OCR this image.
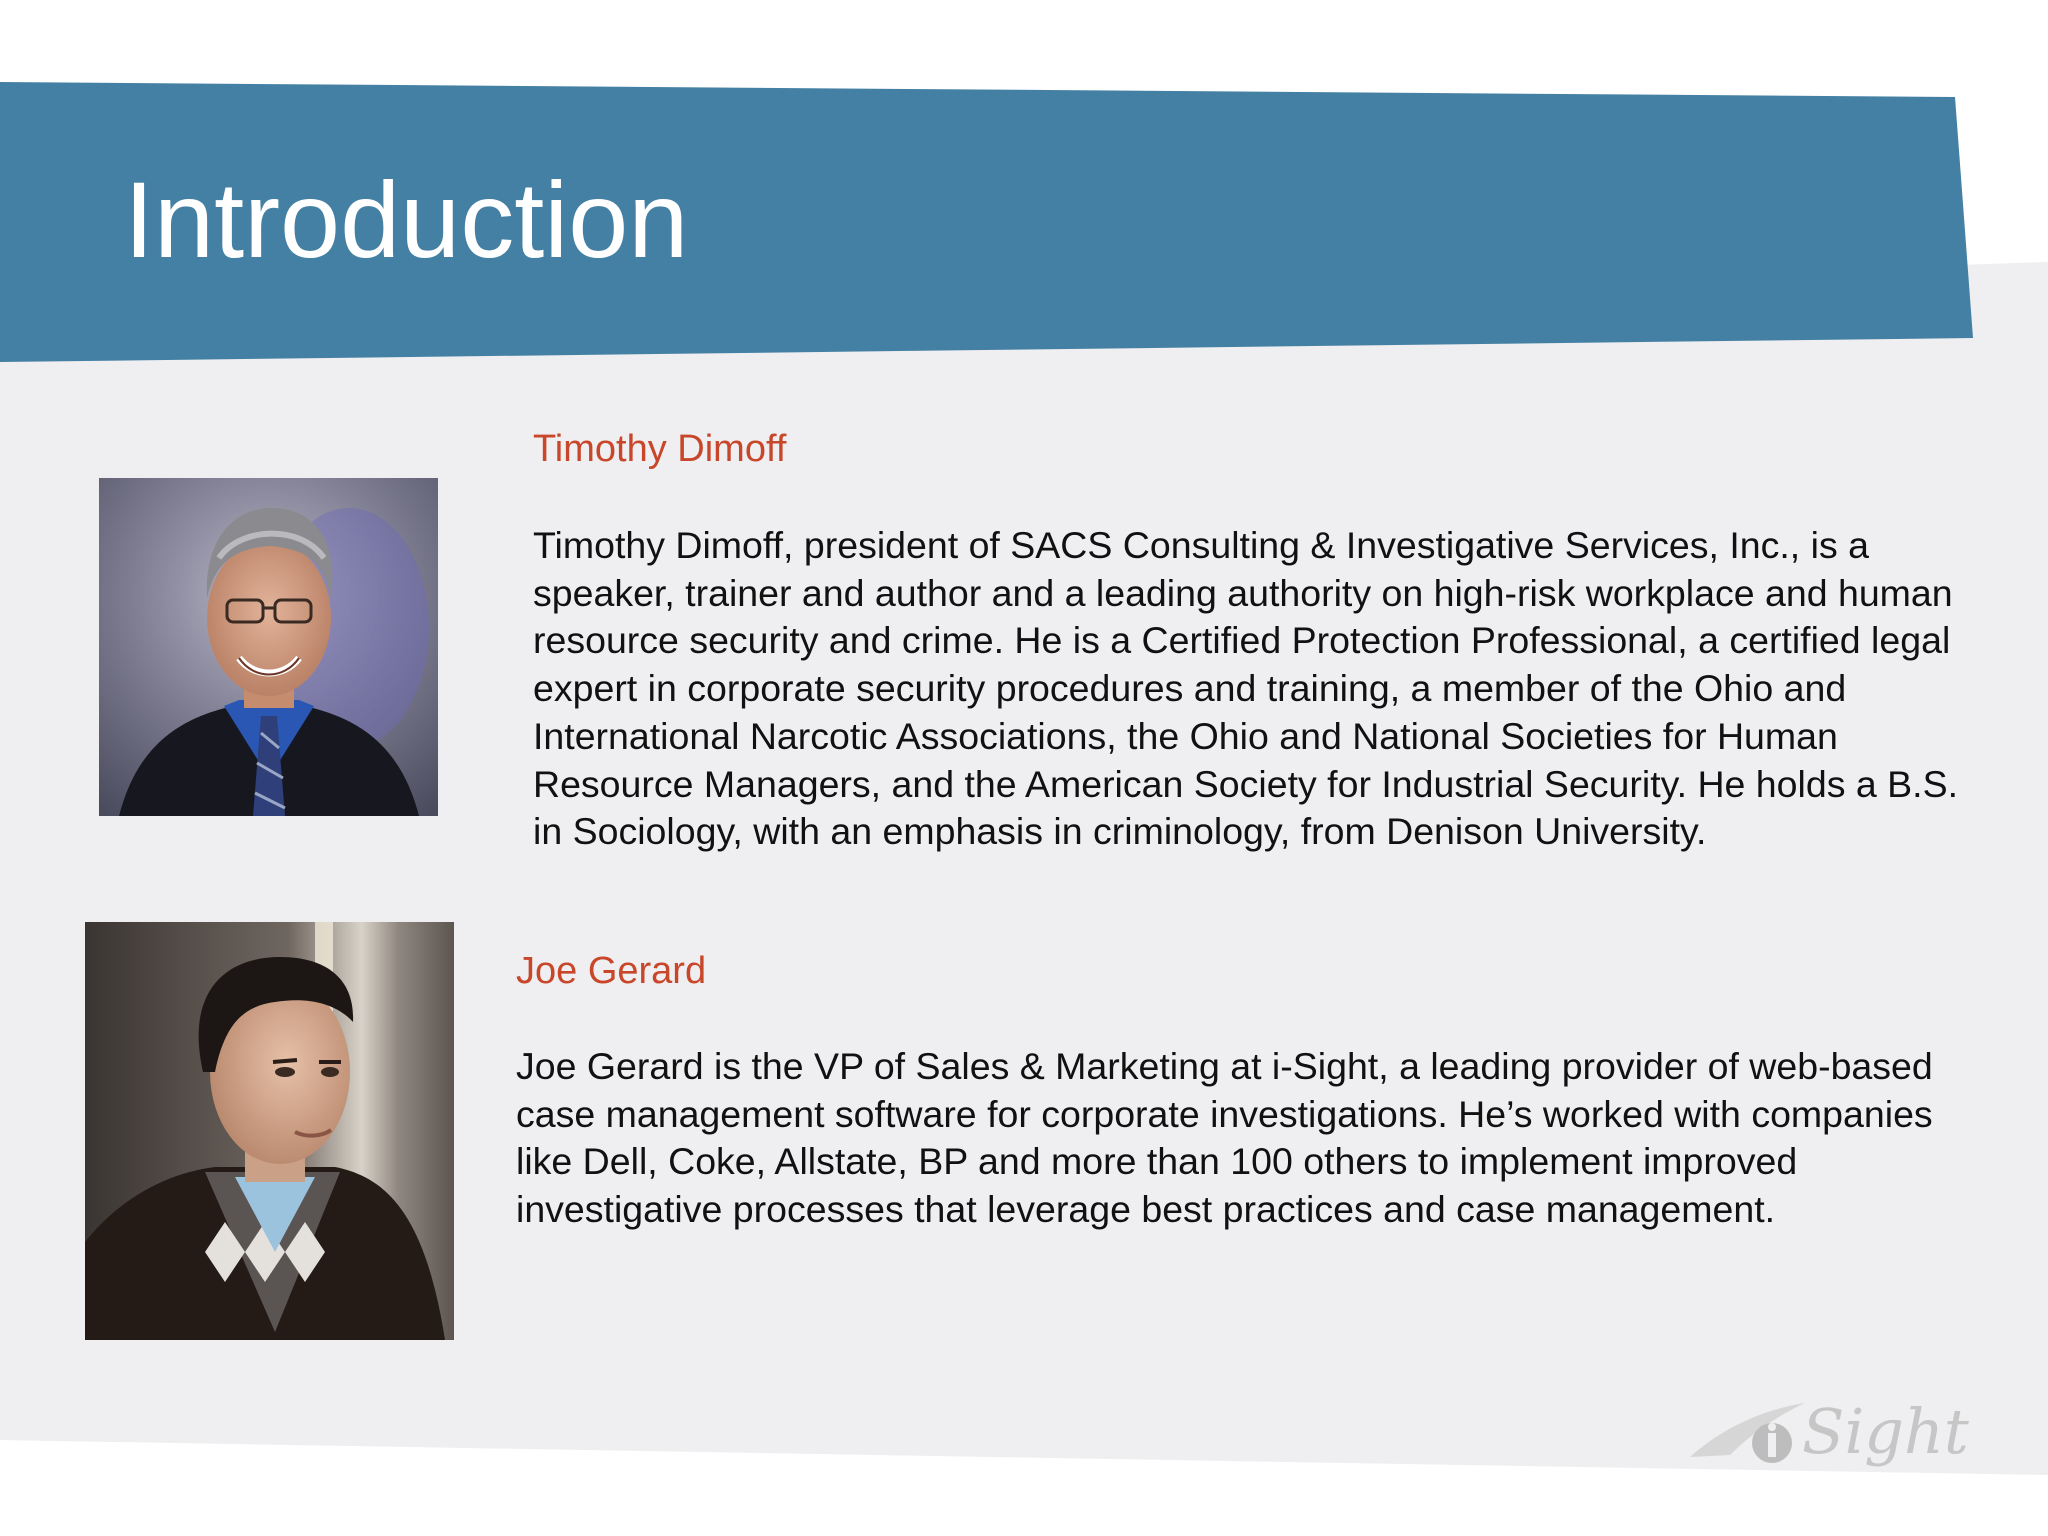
Introduction
Timothy Dimoff

Timothy Dimoff, president of SACS Consulting & Investigative Services, Inc., is a speaker, trainer and author and a leading authority on high-risk workplace and human resource security and crime. He is a Certified Protection Professional, a certified legal expert in corporate security procedures and training, a member of the Ohio and International Narcotic Associations, the Ohio and National Societies for Human Resource Managers, and the American Society for Industrial Security. He holds a B.S. in Sociology, with an emphasis in criminology, from Denison University.

Joe Gerard

Joe Gerard is the VP of Sales & Marketing at i-Sight, a leading provider of web-based case management software for corporate investigations. He’s worked with companies like Dell, Coke, Allstate, BP and more than 100 others to implement improved investigative processes that leverage best practices and case management.

Sight
